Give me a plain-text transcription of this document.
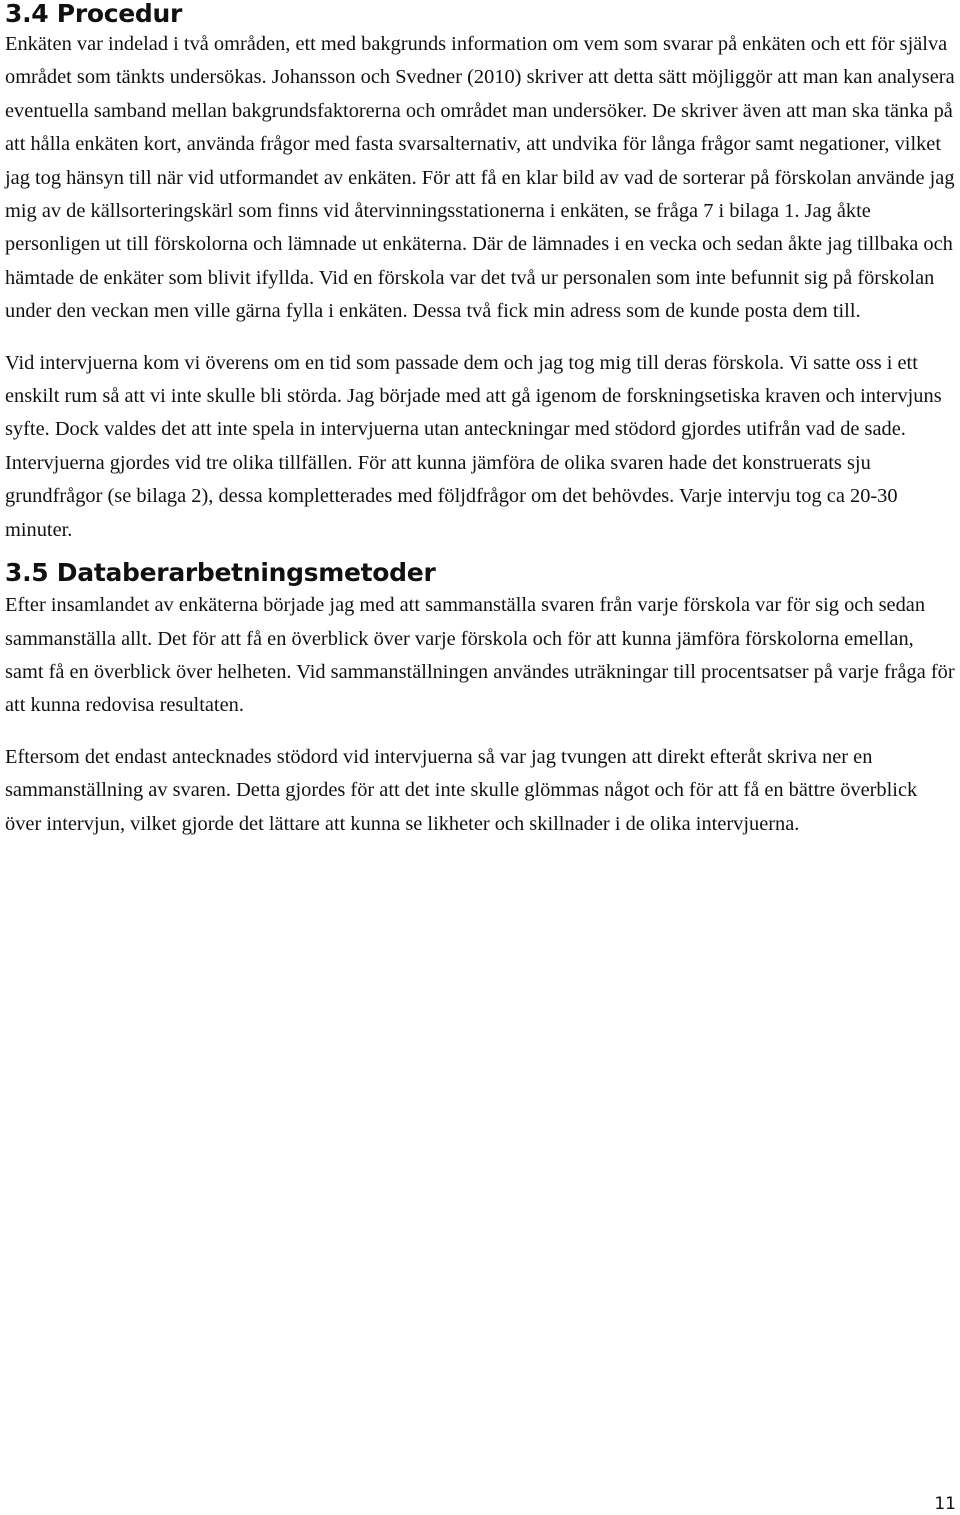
3.4 Procedur

Enkäten var indelad i två områden, ett med bakgrunds information om vem som svarar på enkäten och ett för själva området som tänkts undersökas. Johansson och Svedner (2010) skriver att detta sätt möjliggör att man kan analysera eventuella samband mellan bakgrundsfaktorerna och området man undersöker. De skriver även att man ska tänka på att hålla enkäten kort, använda frågor med fasta svarsalternativ, att undvika för långa frågor samt negationer, vilket jag tog hänsyn till när vid utformandet av enkäten. För att få en klar bild av vad de sorterar på förskolan använde jag mig av de källsorteringskärl som finns vid återvinningsstationerna i enkäten, se fråga 7 i bilaga 1. Jag åkte personligen ut till förskolorna och lämnade ut enkäterna. Där de lämnades i en vecka och sedan åkte jag tillbaka och hämtade de enkäter som blivit ifyllda. Vid en förskola var det två ur personalen som inte befunnit sig på förskolan under den veckan men ville gärna fylla i enkäten. Dessa två fick min adress som de kunde posta dem till.

Vid intervjuerna kom vi överens om en tid som passade dem och jag tog mig till deras förskola. Vi satte oss i ett enskilt rum så att vi inte skulle bli störda. Jag började med att gå igenom de forskningsetiska kraven och intervjuns syfte. Dock valdes det att inte spela in intervjuerna utan anteckningar med stödord gjordes utifrån vad de sade. Intervjuerna gjordes vid tre olika tillfällen. För att kunna jämföra de olika svaren hade det konstruerats sju grundfrågor (se bilaga 2), dessa kompletterades med följdfrågor om det behövdes. Varje intervju tog ca 20-30 minuter.

3.5 Databerarbetningsmetoder

Efter insamlandet av enkäterna började jag med att sammanställa svaren från varje förskola var för sig och sedan sammanställa allt. Det för att få en överblick över varje förskola och för att kunna jämföra förskolorna emellan, samt få en överblick över helheten. Vid sammanställningen användes uträkningar till procentsatser på varje fråga för att kunna redovisa resultaten.

Eftersom det endast antecknades stödord vid intervjuerna så var jag tvungen att direkt efteråt skriva ner en sammanställning av svaren. Detta gjordes för att det inte skulle glömmas något och för att få en bättre överblick över intervjun, vilket gjorde det lättare att kunna se likheter och skillnader i de olika intervjuerna.

11
